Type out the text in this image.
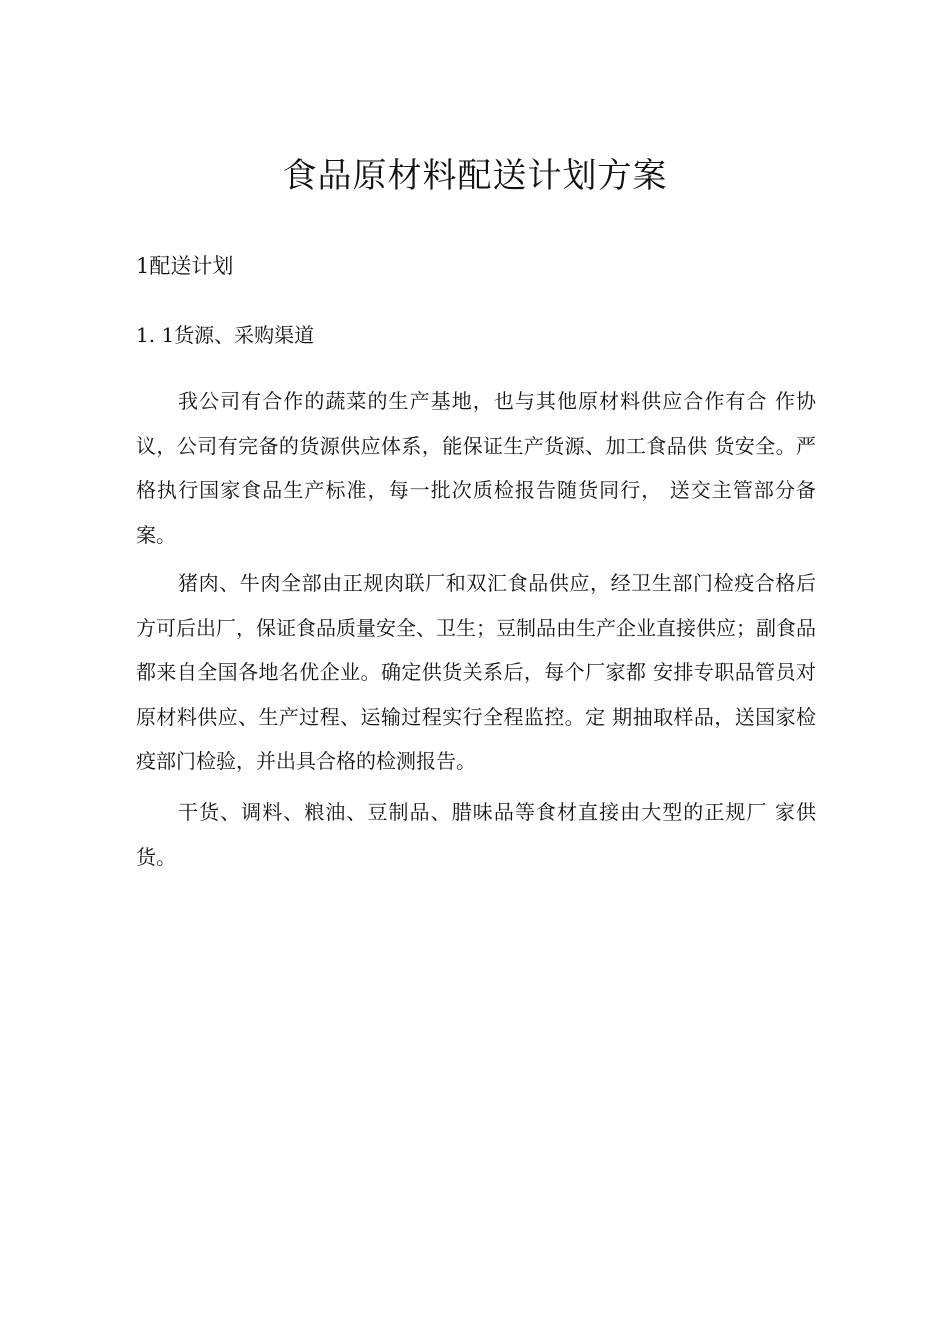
食品原材料配送计划方案
1配送计划
1. 1货源、采购渠道

我公司有合作的蔬菜的生产基地，也与其他原材料供应合作有合 作协议，公司有完备的货源供应体系，能保证生产货源、加工食品供 货安全。严格执行国家食品生产标准，每一批次质检报告随货同行， 送交主管部分备案。

猪肉、牛肉全部由正规肉联厂和双汇食品供应，经卫生部门检疫合格后方可后出厂，保证食品质量安全、卫生；豆制品由生产企业直接供应；副食品都来自全国各地名优企业。确定供货关系后，每个厂家都 安排专职品管员对原材料供应、生产过程、运输过程实行全程监控。定 期抽取样品，送国家检疫部门检验，并出具合格的检测报告。

干货、调料、粮油、豆制品、腊味品等食材直接由大型的正规厂 家供货。
